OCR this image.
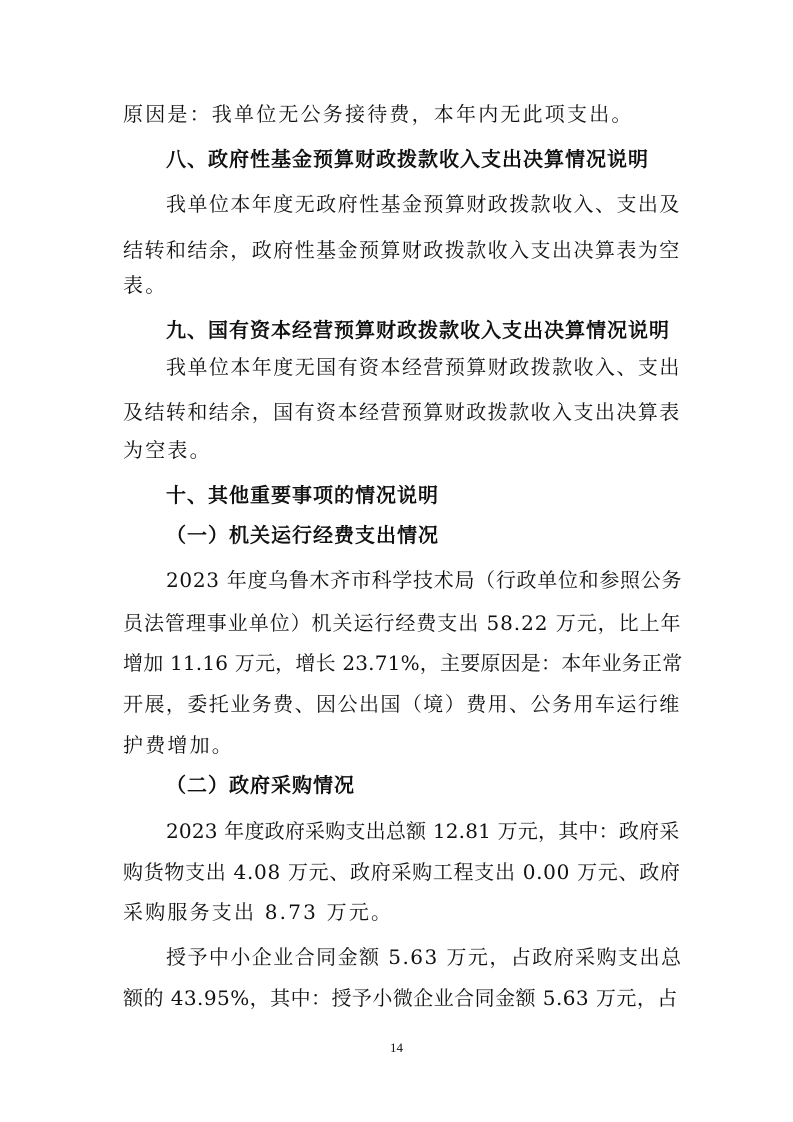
原因是：我单位无公务接待费，本年内无此项支出。
八、政府性基金预算财政拨款收入支出决算情况说明
我单位本年度无政府性基金预算财政拨款收入、支出及
结转和结余，政府性基金预算财政拨款收入支出决算表为空
表。
九、国有资本经营预算财政拨款收入支出决算情况说明
我单位本年度无国有资本经营预算财政拨款收入、支出
及结转和结余，国有资本经营预算财政拨款收入支出决算表
为空表。
十、其他重要事项的情况说明
（一）机关运行经费支出情况
2023 年度乌鲁木齐市科学技术局（行政单位和参照公务
员法管理事业单位）机关运行经费支出 58.22 万元，比上年
增加 11.16 万元，增长 23.71%，主要原因是：本年业务正常
开展，委托业务费、因公出国（境）费用、公务用车运行维
护费增加。
（二）政府采购情况
2023 年度政府采购支出总额 12.81 万元，其中：政府采
购货物支出 4.08 万元、政府采购工程支出 0.00 万元、政府
采购服务支出 8.73 万元。
授予中小企业合同金额 5.63 万元，占政府采购支出总
额的 43.95%，其中：授予小微企业合同金额 5.63 万元，占
14
